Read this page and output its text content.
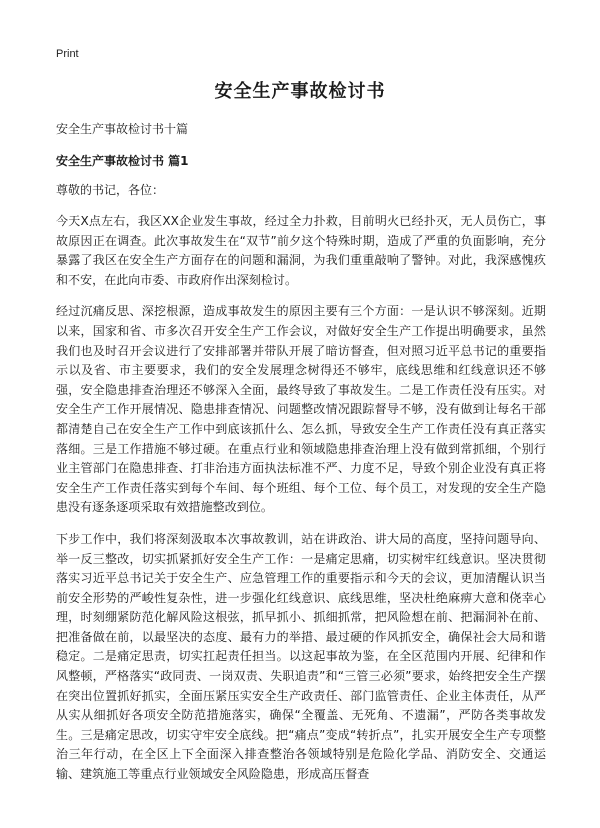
Print
安全生产事故检讨书

安全生产事故检讨书十篇

安全生产事故检讨书 篇1

尊敬的书记，各位：

今天X点左右，我区XX企业发生事故，经过全力扑救，目前明火已经扑灭，无人员伤亡，事故原因正在调查。此次事故发生在“双节”前夕这个特殊时期，造成了严重的负面影响，充分暴露了我区在安全生产方面存在的问题和漏洞，为我们重重敲响了警钟。对此，我深感愧疚和不安，在此向市委、市政府作出深刻检讨。

经过沉痛反思、深挖根源，造成事故发生的原因主要有三个方面：一是认识不够深刻。近期以来，国家和省、市多次召开安全生产工作会议，对做好安全生产工作提出明确要求，虽然我们也及时召开会议进行了安排部署并带队开展了暗访督查，但对照习近平总书记的重要指示以及省、市主要要求，我们的安全发展理念树得还不够牢，底线思维和红线意识还不够强，安全隐患排查治理还不够深入全面，最终导致了事故发生。二是工作责任没有压实。对安全生产工作开展情况、隐患排查情况、问题整改情况跟踪督导不够，没有做到让每名干部都清楚自己在安全生产工作中到底该抓什么、怎么抓，导致安全生产工作责任没有真正落实落细。三是工作措施不够过硬。在重点行业和领域隐患排查治理上没有做到常抓细，个别行业主管部门在隐患排查、打非治违方面执法标准不严、力度不足，导致个别企业没有真正将安全生产工作责任落实到每个车间、每个班组、每个工位、每个员工，对发现的安全生产隐患没有逐条逐项采取有效措施整改到位。

下步工作中，我们将深刻汲取本次事故教训，站在讲政治、讲大局的高度，坚持问题导向、举一反三整改，切实抓紧抓好安全生产工作：一是痛定思痛，切实树牢红线意识。坚决贯彻落实习近平总书记关于安全生产、应急管理工作的重要指示和今天的会议，更加清醒认识当前安全形势的严峻性复杂性，进一步强化红线意识、底线思维，坚决杜绝麻痹大意和侥幸心理，时刻绷紧防范化解风险这根弦，抓早抓小、抓细抓常，把风险想在前、把漏洞补在前、把准备做在前，以最坚决的态度、最有力的举措、最过硬的作风抓安全，确保社会大局和谐稳定。二是痛定思责，切实扛起责任担当。以这起事故为鉴，在全区范围内开展、纪律和作风整顿，严格落实“政同责、一岗双责、失职追责”和“三管三必须”要求，始终把安全生产摆在突出位置抓好抓实，全面压紧压实安全生产政责任、部门监管责任、企业主体责任，从严从实从细抓好各项安全防范措施落实，确保“全覆盖、无死角、不遗漏”，严防各类事故发生。三是痛定思改，切实守牢安全底线。把“痛点”变成“转折点”，扎实开展安全生产专项整治三年行动，在全区上下全面深入排查整治各领域特别是危险化学品、消防安全、交通运输、建筑施工等重点行业领域安全风险隐患，形成高压督查
